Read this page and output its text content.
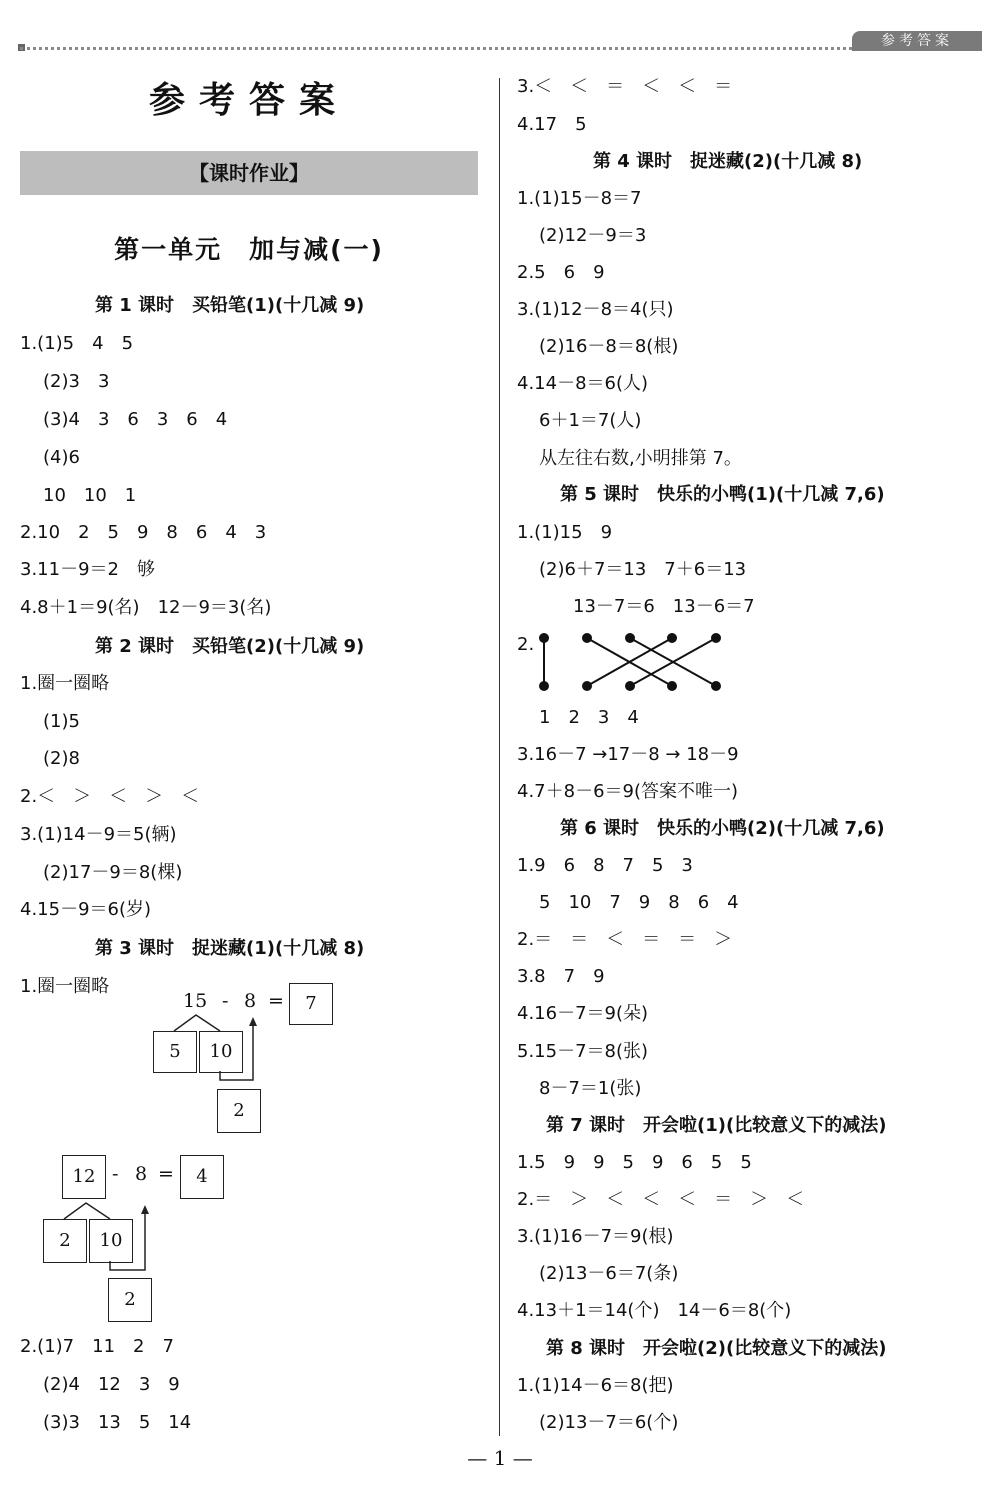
参考答案
参考答案
【课时作业】
第一单元　加与减(一)
第 1 课时　买铅笔(1)(十几减 9)
1.(1)5　4　5
(2)3　3
(3)4　3　6　3　6　4
(4)6
10　10　1
2.10　2　5　9　8　6　4　3
3.11－9＝2　够
4.8＋1＝9(名)　12－9＝3(名)
第 2 课时　买铅笔(2)(十几减 9)
1.圈一圈略
(1)5
(2)8
2.＜　＞　＜　＞　＜
3.(1)14－9＝5(辆)
(2)17－9＝8(棵)
4.15－9＝6(岁)
第 3 课时　捉迷藏(1)(十几减 8)
1.圈一圈略
15 - 8 =	7
5	10
2
12 - 8 =	4
2	10
2
2.(1)7　11　2　7
(2)4　12　3　9
(3)3　13　5　14
3.＜　＜　＝　＜　＜　＝
4.17　5
第 4 课时　捉迷藏(2)(十几减 8)
1.(1)15－8＝7
(2)12－9＝3
2.5　6　9
3.(1)12－8＝4(只)
(2)16－8＝8(根)
4.14－8＝6(人)
6＋1＝7(人)
从左往右数,小明排第 7。
第 5 课时　快乐的小鸭(1)(十几减 7,6)
1.(1)15　9
(2)6＋7＝13　7＋6＝13
13－7＝6　13－6＝7
2.
1　2　3　4
3.16－7 →17－8 → 18－9
4.7＋8－6＝9(答案不唯一)
第 6 课时　快乐的小鸭(2)(十几减 7,6)
1.9　6　8　7　5　3
5　10　7　9　8　6　4
2.＝　＝　＜　＝　＝　＞
3.8　7　9
4.16－7＝9(朵)
5.15－7＝8(张)
8－7＝1(张)
第 7 课时　开会啦(1)(比较意义下的减法)
1.5　9　9　5　9　6　5　5
2.＝　＞　＜　＜　＜　＝　＞　＜
3.(1)16－7＝9(根)
(2)13－6＝7(条)
4.13＋1＝14(个)　14－6＝8(个)
第 8 课时　开会啦(2)(比较意义下的减法)
1.(1)14－6＝8(把)
(2)13－7＝6(个)
— 1 —
